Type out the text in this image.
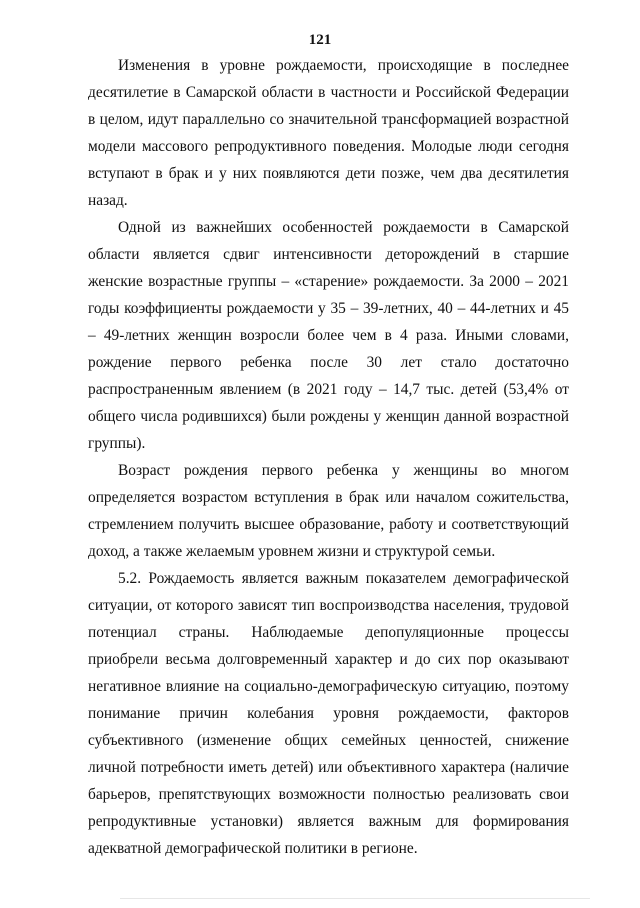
121

Изменения в уровне рождаемости, происходящие в последнее десятилетие в Самарской области в частности и Российской Федерации в целом, идут параллельно со значительной трансформацией возрастной модели массового репродуктивного поведения. Молодые люди сегодня вступают в брак и у них появляются дети позже, чем два десятилетия назад.

Одной из важнейших особенностей рождаемости в Самарской области является сдвиг интенсивности деторождений в старшие женские возрастные группы – «старение» рождаемости. За 2000 – 2021 годы коэффициенты рождаемости у 35 – 39-летних, 40 – 44-летних и 45 – 49-летних женщин возросли более чем в 4 раза. Иными словами, рождение первого ребенка после 30 лет стало достаточно распространенным явлением (в 2021 году – 14,7 тыс. детей (53,4% от общего числа родившихся) были рождены у женщин данной возрастной группы).

Возраст рождения первого ребенка у женщины во многом определяется возрастом вступления в брак или началом сожительства, стремлением получить высшее образование, работу и соответствующий доход, а также желаемым уровнем жизни и структурой семьи.

5.2. Рождаемость является важным показателем демографической ситуации, от которого зависят тип воспроизводства населения, трудовой потенциал страны. Наблюдаемые депопуляционные процессы приобрели весьма долговременный характер и до сих пор оказывают негативное влияние на социально-демографическую ситуацию, поэтому понимание причин колебания уровня рождаемости, факторов субъективного (изменение общих семейных ценностей, снижение личной потребности иметь детей) или объективного характера (наличие барьеров, препятствующих возможности полностью реализовать свои репродуктивные установки) является важным для формирования адекватной демографической политики в регионе.
